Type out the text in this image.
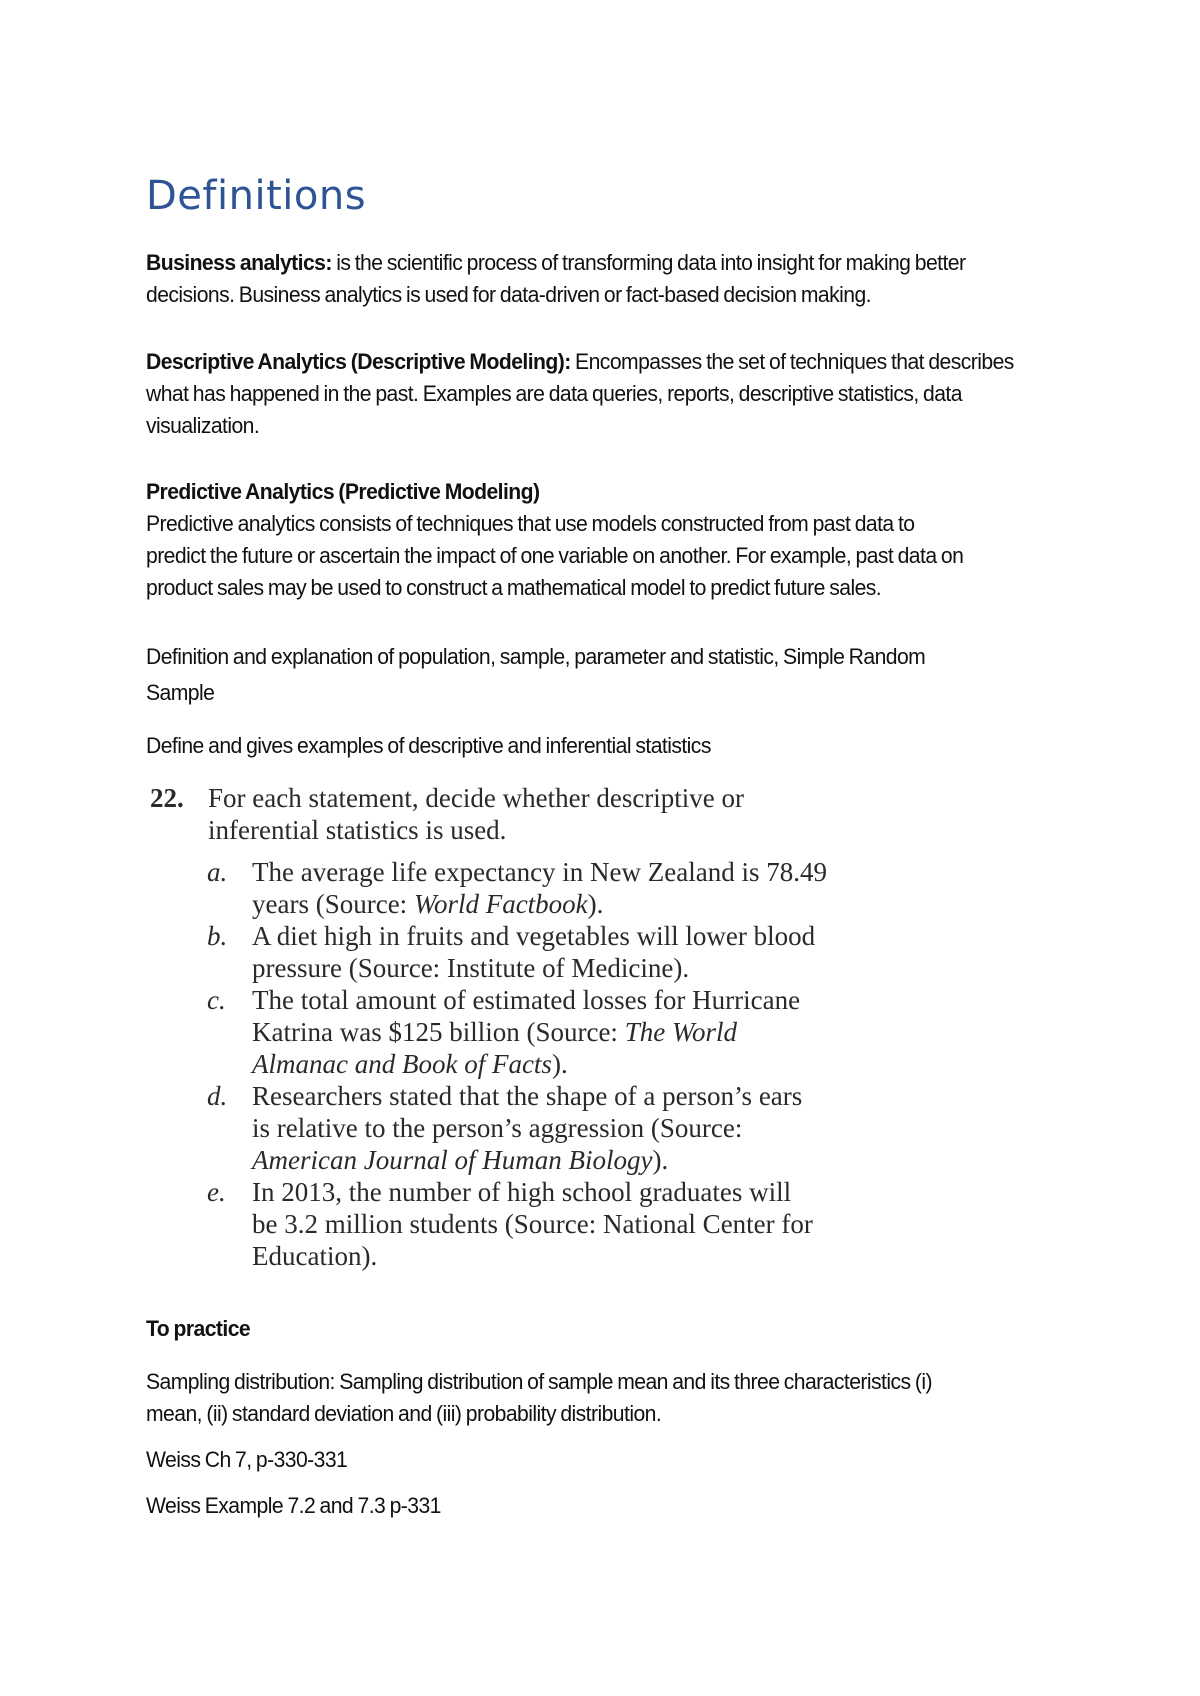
Definitions
Business analytics: is the scientific process of transforming data into insight for making better
decisions. Business analytics is used for data-driven or fact-based decision making.
Descriptive Analytics (Descriptive Modeling): Encompasses the set of techniques that describes
what has happened in the past. Examples are data queries, reports, descriptive statistics, data
visualization.
Predictive Analytics (Predictive Modeling)
Predictive analytics consists of techniques that use models constructed from past data to
predict the future or ascertain the impact of one variable on another. For example, past data on
product sales may be used to construct a mathematical model to predict future sales.
Definition and explanation of population, sample, parameter and statistic, Simple Random
Sample
Define and gives examples of descriptive and inferential statistics
22. For each statement, decide whether descriptive or
inferential statistics is used.
a. The average life expectancy in New Zealand is 78.49
years (Source: World Factbook).
b. A diet high in fruits and vegetables will lower blood
pressure (Source: Institute of Medicine).
c. The total amount of estimated losses for Hurricane
Katrina was $125 billion (Source: The World
Almanac and Book of Facts).
d. Researchers stated that the shape of a person’s ears
is relative to the person’s aggression (Source:
American Journal of Human Biology).
e. In 2013, the number of high school graduates will
be 3.2 million students (Source: National Center for
Education).
To practice
Sampling distribution: Sampling distribution of sample mean and its three characteristics (i)
mean, (ii) standard deviation and (iii) probability distribution.
Weiss Ch 7, p-330-331
Weiss Example 7.2 and 7.3 p-331
